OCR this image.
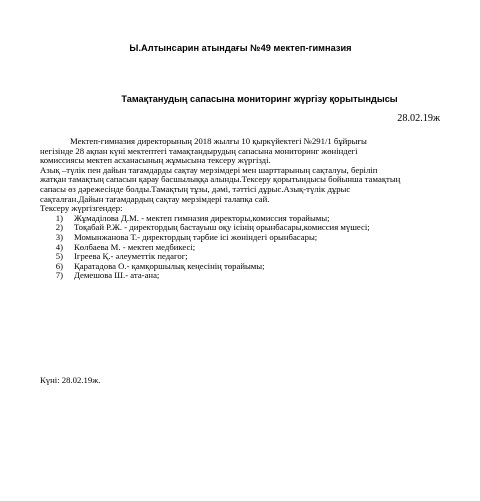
Ы.Алтынсарин атындағы №49 мектеп-гимназия
Тамақтанудың сапасына мониторинг жүргізу қорытындысы
28.02.19ж
Мектеп-гимназия директорының 2018 жылғы 10 қыркүйектегі №291/1 бұйрығы
негізінде 28 ақпан күні мектептегі тамақтандырудың сапасына мониторинг жөніндегі
комиссиясы мектеп асханасының жұмысына тексеру жүргізді.
Азық –түлік пен дайын тағамдарды сақтау мерзімдері мен шарттарының сақталуы, беріліп
жатқан тамақтың сапасын қарау басшылыққа алынды.Тексеру қорытындысы бойынша тамақтың
сапасы өз дәрежесінде болды.Тамақтың тұзы, дәмі, тәттісі дұрыс.Азық-түлік дұрыс
сақталған.Дайын тағамдардың сақтау мерзімдері талапқа сай.
Тексеру жүргізгендер:
1) Жұмаділова Д.М. - мектеп гимназия директоры,комиссия төрайымы;
2) Тоқабай Р.Ж. - директордың бастауыш оқу ісінің орынбасары,комиссия мүшесі;
3) Момынжанова Т.- директордың тәрбие ісі жөніндегі орынбасары;
4) Көлбаева М. - мектеп медбикесі;
5) Ігреева Қ.- әлеуметтік педагог;
6) Қаратадова О.- қамқоршылық кеңесінің төрайымы;
7) Демешова Ш.- ата-ана;
Күні: 28.02.19ж.
